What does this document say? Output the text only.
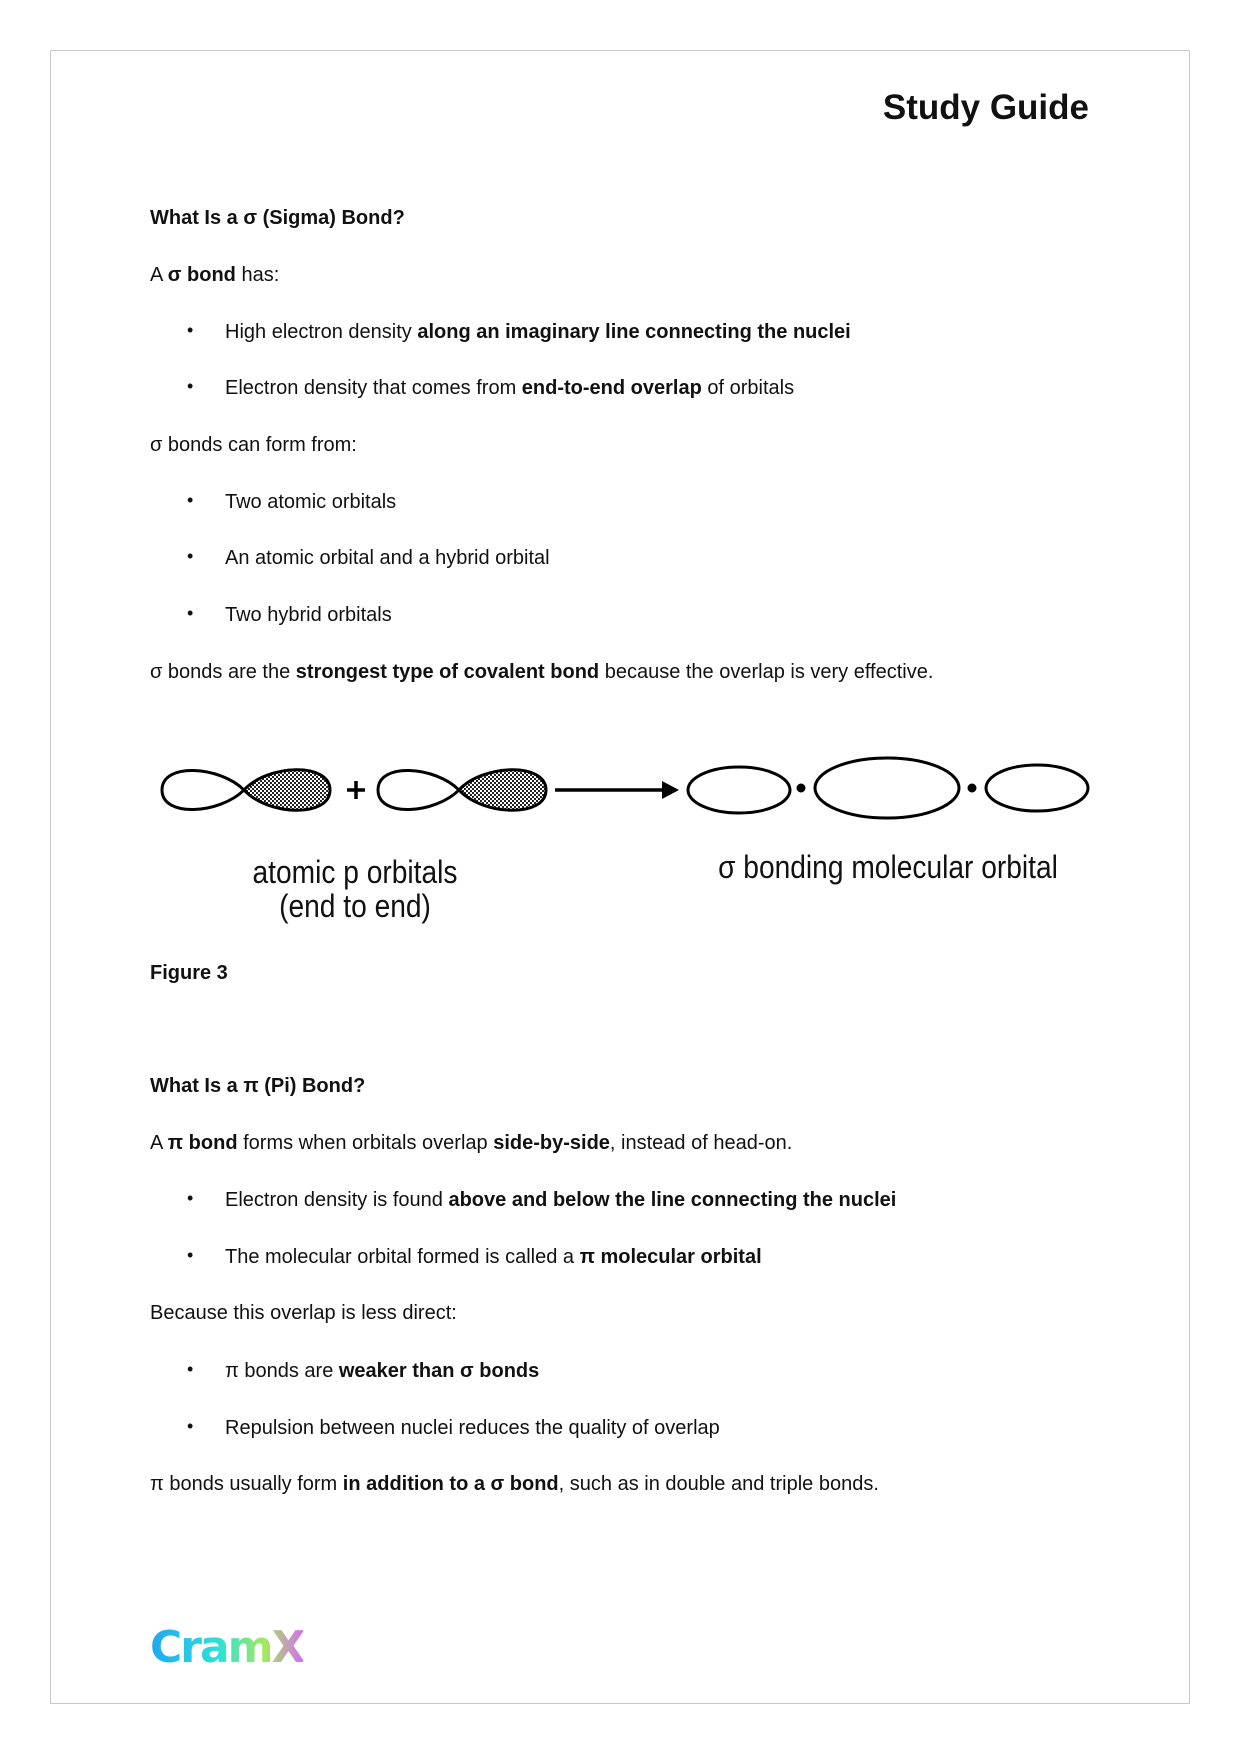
Study Guide
What Is a σ (Sigma) Bond?
A σ bond has:
• High electron density along an imaginary line connecting the nuclei
• Electron density that comes from end-to-end overlap of orbitals
σ bonds can form from:
• Two atomic orbitals
• An atomic orbital and a hybrid orbital
• Two hybrid orbitals
σ bonds are the strongest type of covalent bond because the overlap is very effective.
atomic p orbitals
(end to end)
σ bonding molecular orbital
Figure 3
What Is a π (Pi) Bond?
A π bond forms when orbitals overlap side-by-side, instead of head-on.
• Electron density is found above and below the line connecting the nuclei
• The molecular orbital formed is called a π molecular orbital
Because this overlap is less direct:
• π bonds are weaker than σ bonds
• Repulsion between nuclei reduces the quality of overlap
π bonds usually form in addition to a σ bond, such as in double and triple bonds.
CramX
